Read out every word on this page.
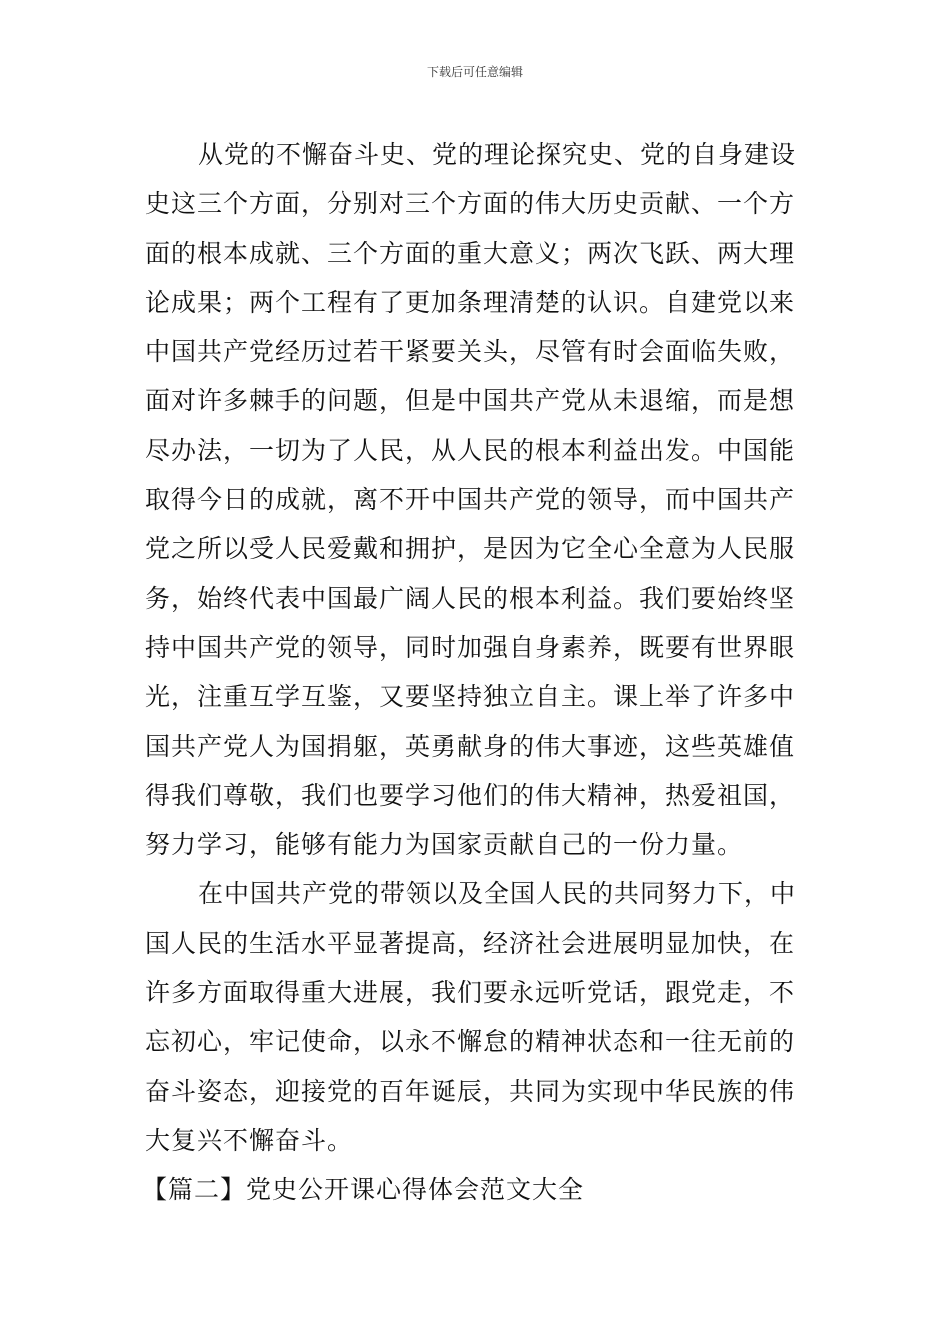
下载后可任意编辑
从党的不懈奋斗史、党的理论探究史、党的自身建设
史这三个方面，分别对三个方面的伟大历史贡献、一个方
面的根本成就、三个方面的重大意义；两次飞跃、两大理
论成果；两个工程有了更加条理清楚的认识。自建党以来
中国共产党经历过若干紧要关头，尽管有时会面临失败，
面对许多棘手的问题，但是中国共产党从未退缩，而是想
尽办法，一切为了人民，从人民的根本利益出发。中国能
取得今日的成就，离不开中国共产党的领导，而中国共产
党之所以受人民爱戴和拥护，是因为它全心全意为人民服
务，始终代表中国最广阔人民的根本利益。我们要始终坚
持中国共产党的领导，同时加强自身素养，既要有世界眼
光，注重互学互鉴，又要坚持独立自主。课上举了许多中
国共产党人为国捐躯，英勇献身的伟大事迹，这些英雄值
得我们尊敬，我们也要学习他们的伟大精神，热爱祖国，
努力学习，能够有能力为国家贡献自己的一份力量。
在中国共产党的带领以及全国人民的共同努力下，中
国人民的生活水平显著提高，经济社会进展明显加快，在
许多方面取得重大进展，我们要永远听党话，跟党走，不
忘初心，牢记使命，以永不懈怠的精神状态和一往无前的
奋斗姿态，迎接党的百年诞辰，共同为实现中华民族的伟
大复兴不懈奋斗。
【篇二】党史公开课心得体会范文大全
